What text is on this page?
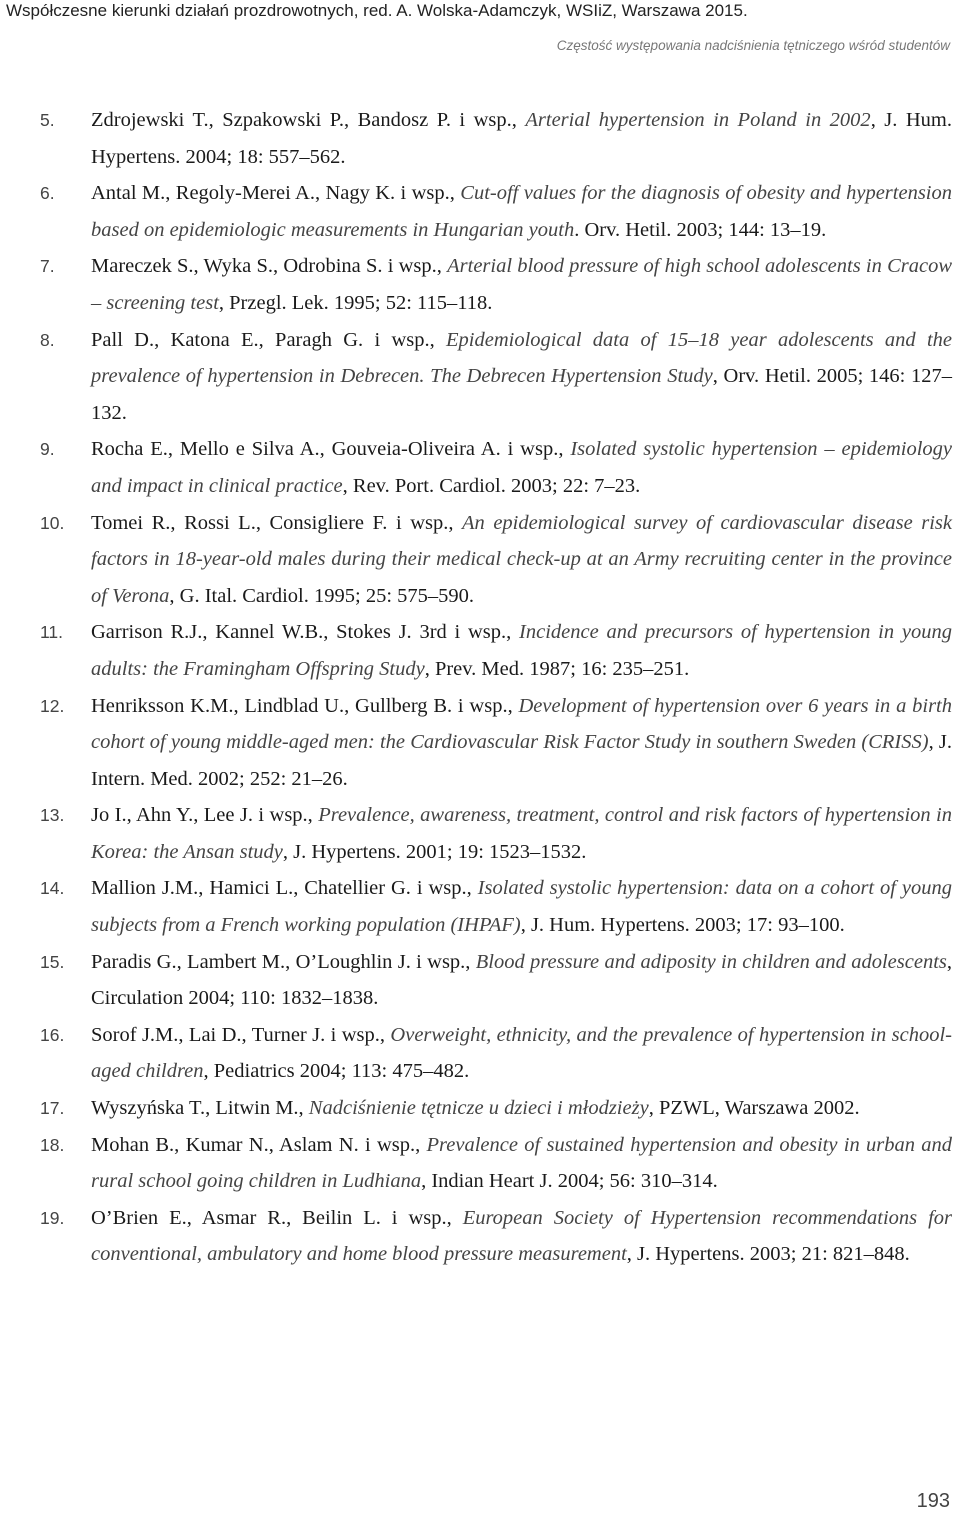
Współczesne kierunki działań prozdrowotnych, red. A. Wolska-Adamczyk, WSIiZ, Warszawa 2015.
Częstość występowania nadciśnienia tętniczego wśród studentów
5. Zdrojewski T., Szpakowski P., Bandosz P. i wsp., Arterial hypertension in Poland in 2002, J. Hum. Hypertens. 2004; 18: 557–562.
6. Antal M., Regoly-Merei A., Nagy K. i wsp., Cut-off values for the diagnosis of obesity and hypertension based on epidemiologic measurements in Hungarian youth. Orv. Hetil. 2003; 144: 13–19.
7. Mareczek S., Wyka S., Odrobina S. i wsp., Arterial blood pressure of high school adolescents in Cracow – screening test, Przegl. Lek. 1995; 52: 115–118.
8. Pall D., Katona E., Paragh G. i wsp., Epidemiological data of 15–18 year adolescents and the prevalence of hypertension in Debrecen. The Debrecen Hypertension Study, Orv. Hetil. 2005; 146: 127–132.
9. Rocha E., Mello e Silva A., Gouveia-Oliveira A. i wsp., Isolated systolic hypertension – epidemiology and impact in clinical practice, Rev. Port. Cardiol. 2003; 22: 7–23.
10. Tomei R., Rossi L., Consigliere F. i wsp., An epidemiological survey of cardiovascular disease risk factors in 18-year-old males during their medical check-up at an Army recruiting center in the province of Verona, G. Ital. Cardiol. 1995; 25: 575–590.
11. Garrison R.J., Kannel W.B., Stokes J. 3rd i wsp., Incidence and precursors of hypertension in young adults: the Framingham Offspring Study, Prev. Med. 1987; 16: 235–251.
12. Henriksson K.M., Lindblad U., Gullberg B. i wsp., Development of hypertension over 6 years in a birth cohort of young middle-aged men: the Cardiovascular Risk Factor Study in southern Sweden (CRISS), J. Intern. Med. 2002; 252: 21–26.
13. Jo I., Ahn Y., Lee J. i wsp., Prevalence, awareness, treatment, control and risk factors of hypertension in Korea: the Ansan study, J. Hypertens. 2001; 19: 1523–1532.
14. Mallion J.M., Hamici L., Chatellier G. i wsp., Isolated systolic hypertension: data on a cohort of young subjects from a French working population (IHPAF), J. Hum. Hypertens. 2003; 17: 93–100.
15. Paradis G., Lambert M., O’Loughlin J. i wsp., Blood pressure and adiposity in children and adolescents, Circulation 2004; 110: 1832–1838.
16. Sorof J.M., Lai D., Turner J. i wsp., Overweight, ethnicity, and the prevalence of hypertension in school-aged children, Pediatrics 2004; 113: 475–482.
17. Wyszyńska T., Litwin M., Nadciśnienie tętnicze u dzieci i młodzieży, PZWL, Warszawa 2002.
18. Mohan B., Kumar N., Aslam N. i wsp., Prevalence of sustained hypertension and obesity in urban and rural school going children in Ludhiana, Indian Heart J. 2004; 56: 310–314.
19. O’Brien E., Asmar R., Beilin L. i wsp., European Society of Hypertension recommendations for conventional, ambulatory and home blood pressure measurement, J. Hypertens. 2003; 21: 821–848.
193
